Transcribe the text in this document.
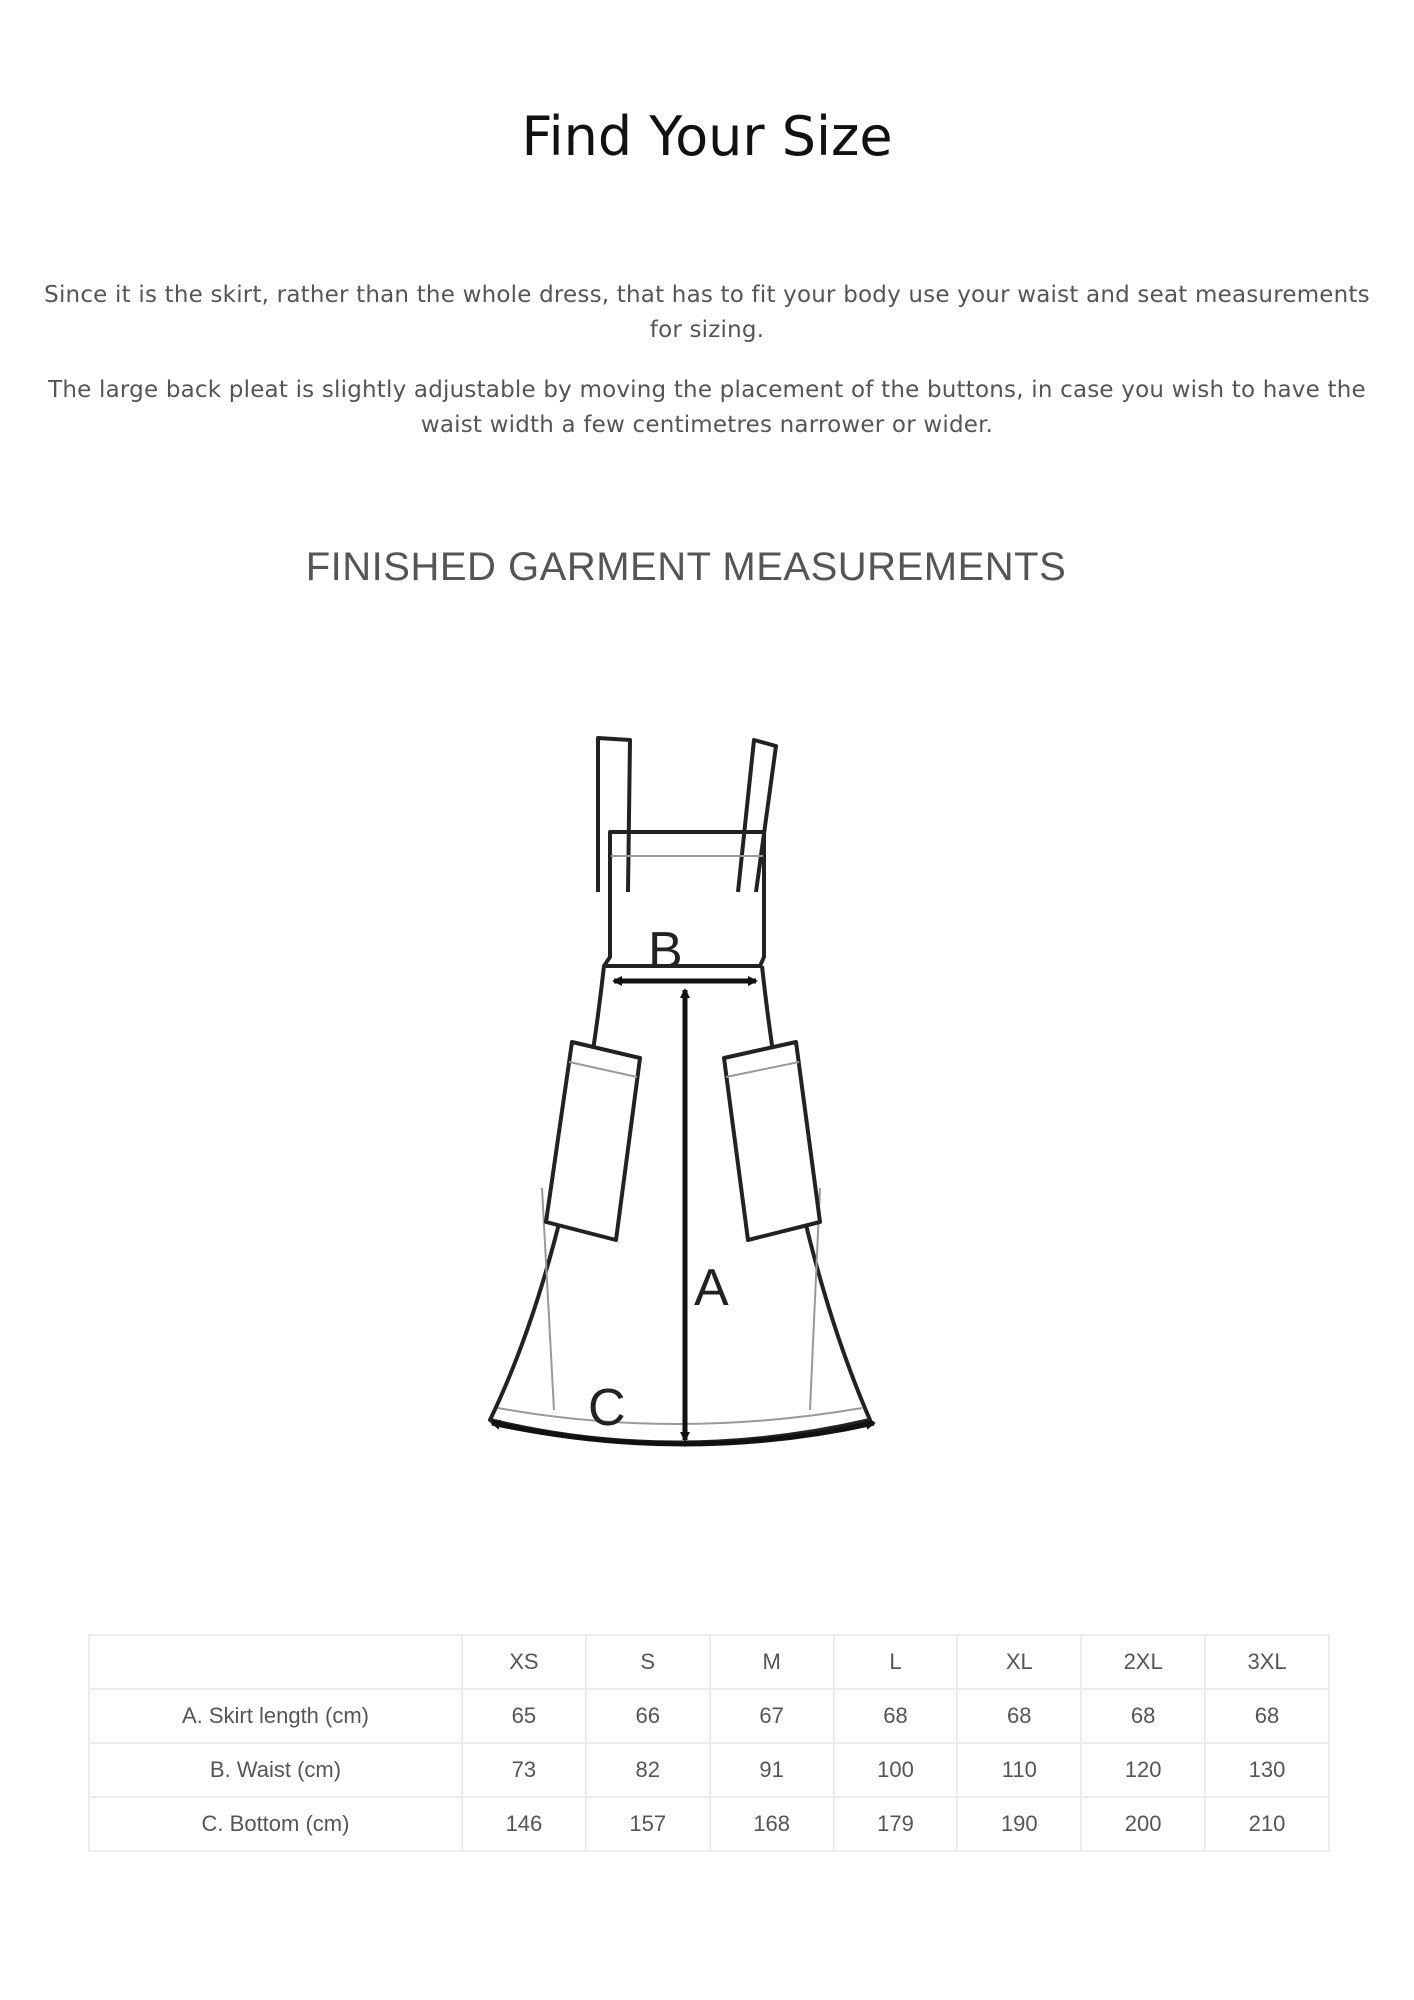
Find Your Size

Since it is the skirt, rather than the whole dress, that has to fit your body use your waist and seat measurements for sizing.

The large back pleat is slightly adjustable by moving the placement of the buttons, in case you wish to have the waist width a few centimetres narrower or wider.

FINISHED GARMENT MEASUREMENTS
B
A
C
	XS	S	M	L	XL	2XL	3XL
A. Skirt length (cm)	65	66	67	68	68	68	68
B. Waist (cm)	73	82	91	100	110	120	130
C. Bottom (cm)	146	157	168	179	190	200	210
